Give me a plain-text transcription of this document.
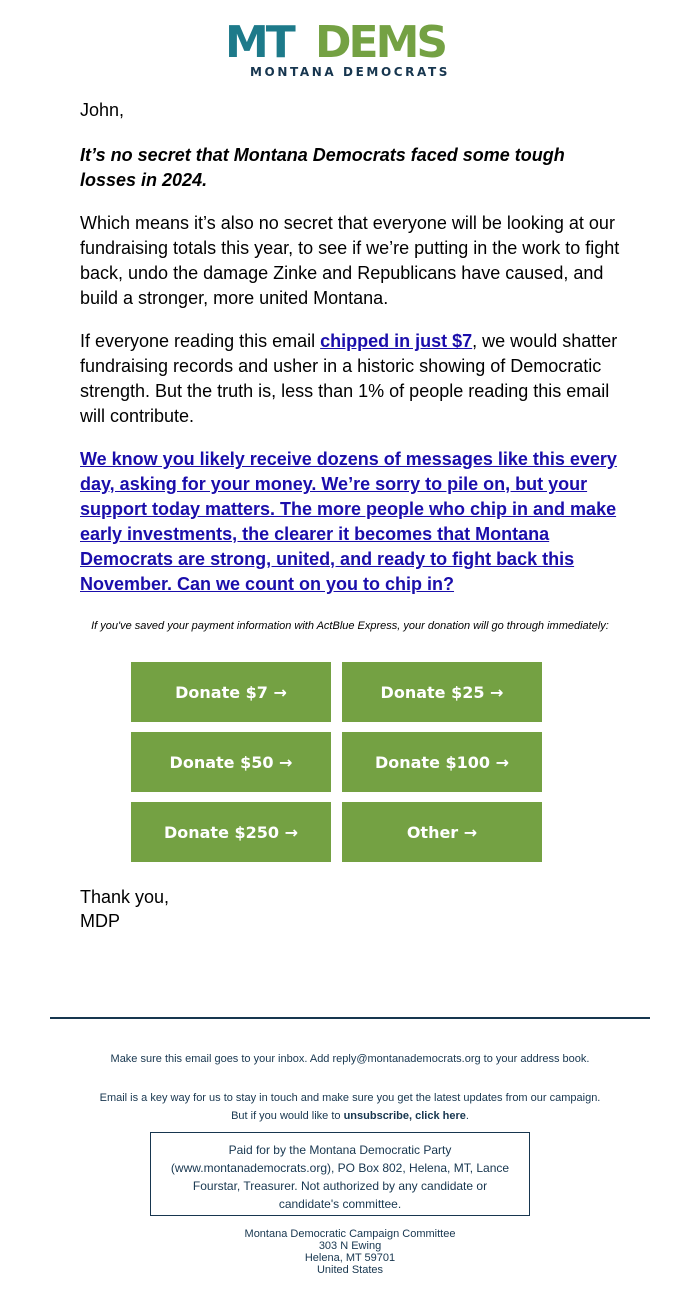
MT DEMS
MONTANA DEMOCRATS

John,

It’s no secret that Montana Democrats faced some tough losses in 2024.

Which means it’s also no secret that everyone will be looking at our fundraising totals this year, to see if we’re putting in the work to fight back, undo the damage Zinke and Republicans have caused, and build a stronger, more united Montana.

If everyone reading this email chipped in just $7, we would shatter fundraising records and usher in a historic showing of Democratic strength. But the truth is, less than 1% of people reading this email will contribute.

We know you likely receive dozens of messages like this every day, asking for your money. We’re sorry to pile on, but your support today matters. The more people who chip in and make early investments, the clearer it becomes that Montana Democrats are strong, united, and ready to fight back this November. Can we count on you to chip in?

If you've saved your payment information with ActBlue Express, your donation will go through immediately:
Donate $7 →	Donate $25 →
Donate $50 →	Donate $100 →
Donate $250 →	Other →
Thank you,
MDP
Make sure this email goes to your inbox. Add reply@montanademocrats.org to your address book.
Email is a key way for us to stay in touch and make sure you get the latest updates from our campaign.
But if you would like to unsubscribe, click here.
Paid for by the Montana Democratic Party (www.montanademocrats.org), PO Box 802, Helena, MT, Lance Fourstar, Treasurer. Not authorized by any candidate or candidate's committee.
Montana Democratic Campaign Committee
303 N Ewing
Helena, MT 59701
United States
